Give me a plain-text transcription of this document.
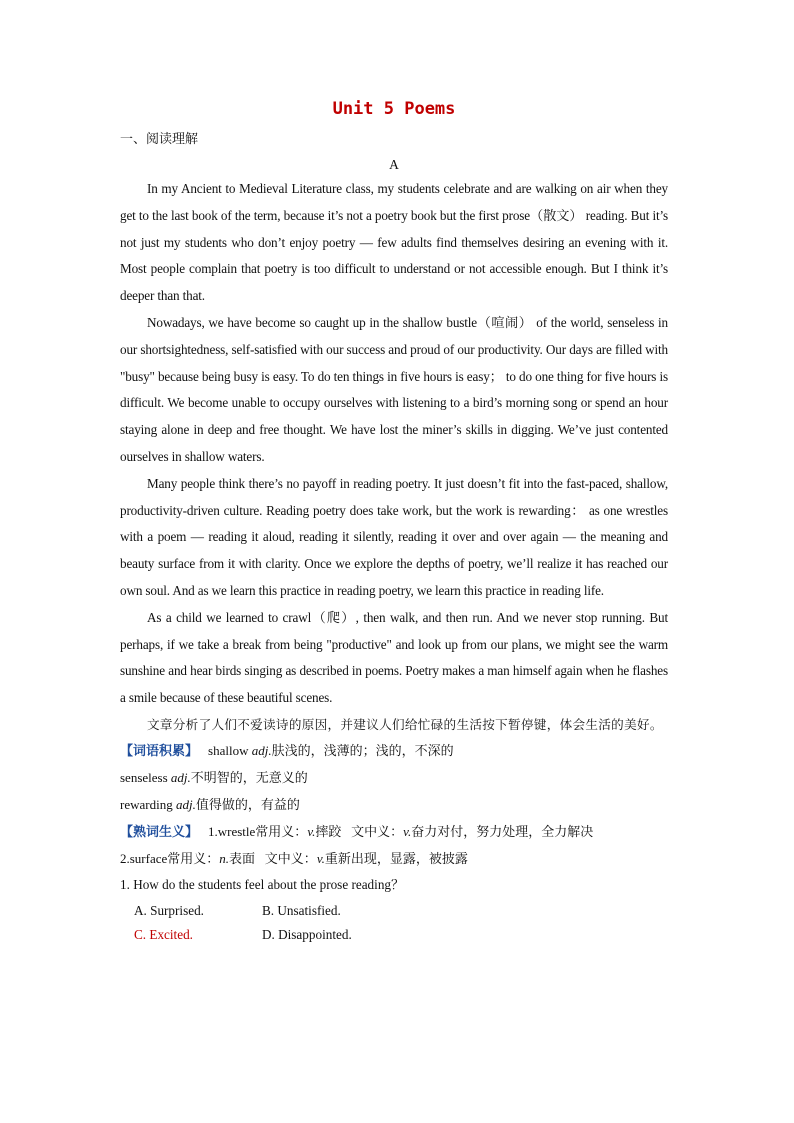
Unit 5 Poems

一、阅读理解

A

In my Ancient to Medieval Literature class, my students celebrate and are walking on air when they get to the last book of the term, because it’s not a poetry book but the first prose（散文） reading. But it’s not just my students who don’t enjoy poetry — few adults find themselves desiring an evening with it. Most people complain that poetry is too difficult to understand or not accessible enough. But I think it’s deeper than that.

Nowadays, we have become so caught up in the shallow bustle（喧闹） of the world, senseless in our shortsightedness, self-satisfied with our success and proud of our productivity. Our days are filled with "busy" because being busy is easy. To do ten things in five hours is easy； to do one thing for five hours is difficult. We become unable to occupy ourselves with listening to a bird’s morning song or spend an hour staying alone in deep and free thought. We have lost the miner’s skills in digging. We’ve just contented ourselves in shallow waters.

Many people think there’s no payoff in reading poetry. It just doesn’t fit into the fast-paced, shallow, productivity-driven culture. Reading poetry does take work, but the work is rewarding： as one wrestles with a poem — reading it aloud, reading it silently, reading it over and over again — the meaning and beauty surface from it with clarity. Once we explore the depths of poetry, we’ll realize it has reached our own soul. And as we learn this practice in reading poetry, we learn this practice in reading life.

As a child we learned to crawl（爬）, then walk, and then run. And we never stop running. But perhaps, if we take a break from being "productive" and look up from our plans, we might see the warm sunshine and hear birds singing as described in poems. Poetry makes a man himself again when he flashes a smile because of these beautiful scenes.

文章分析了人们不爱读诗的原因，并建议人们给忙碌的生活按下暂停键，体会生活的美好。

【词语积累】 shallow adj.肤浅的，浅薄的；浅的，不深的

senseless adj.不明智的，无意义的

rewarding adj.值得做的，有益的

【熟词生义】 1.wrestle常用义：v.摔跤 文中义：v.奋力对付，努力处理，全力解决

2.surface常用义：n.表面 文中义：v.重新出现，显露，被披露

1. How do the students feel about the prose reading？

A. Surprised.	B. Unsatisfied.
C. Excited.	D. Disappointed.
